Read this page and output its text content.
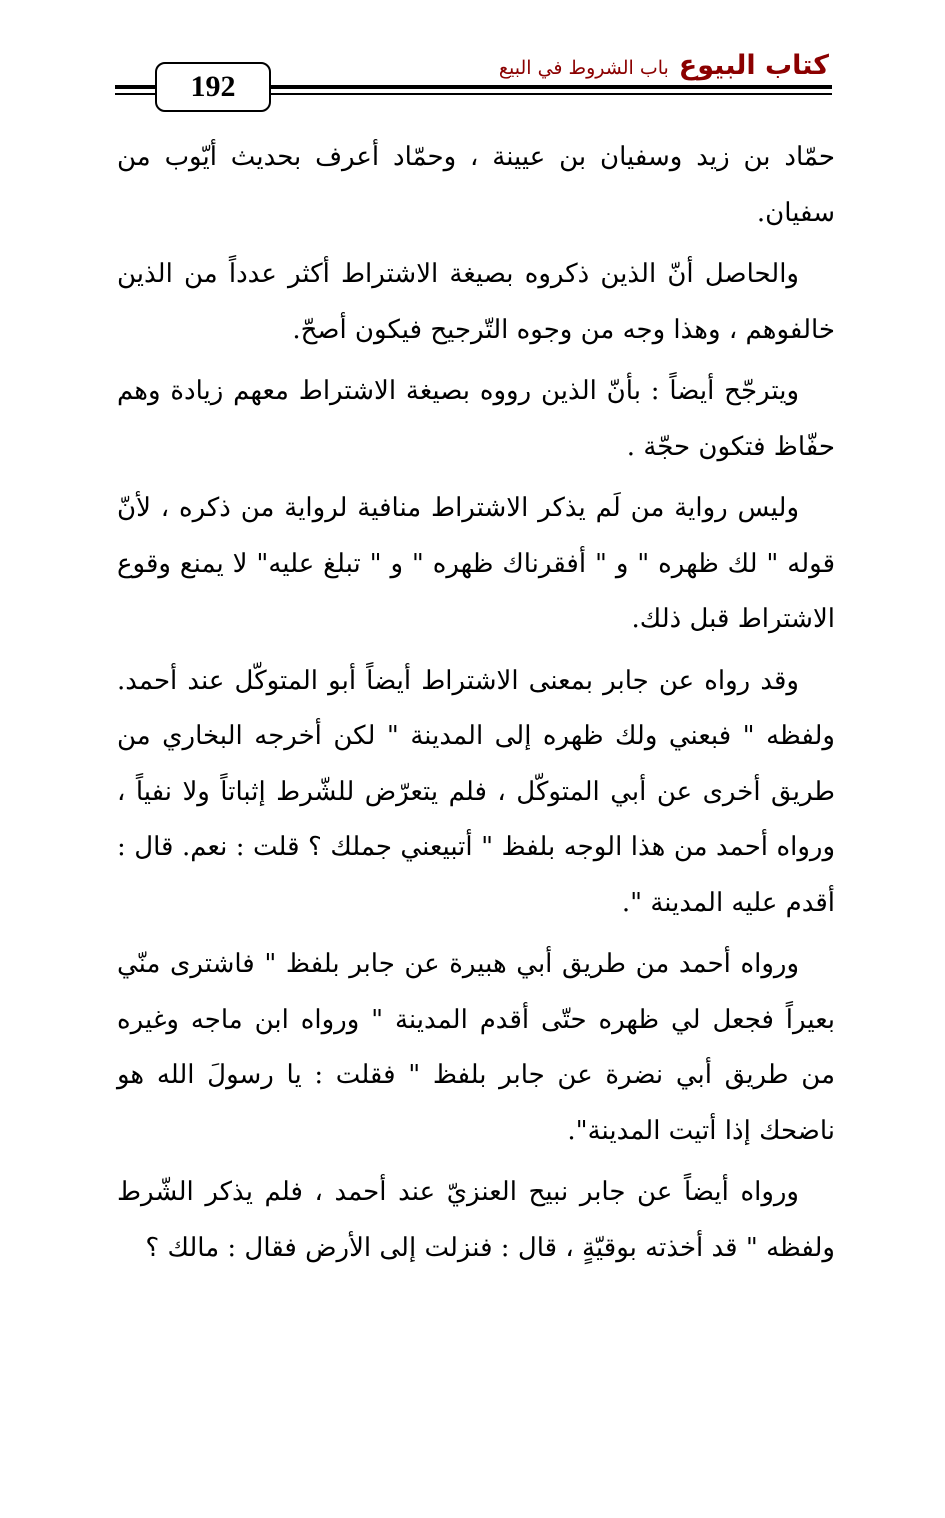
كتاب البيوع
باب الشروط في البيع
192

حمّاد بن زيد وسفيان بن عيينة ، وحمّاد أعرف بحديث أيّوب من سفيان.

والحاصل أنّ الذين ذكروه بصيغة الاشتراط أكثر عدداً من الذين خالفوهم ، وهذا وجه من وجوه التّرجيح فيكون أصحّ.

ويترجّح أيضاً : بأنّ الذين رووه بصيغة الاشتراط معهم زيادة وهم حفّاظ فتكون حجّة .

وليس رواية من لَم يذكر الاشتراط منافية لرواية من ذكره ، لأنّ قوله " لك ظهره " و " أفقرناك ظهره " و " تبلغ عليه" لا يمنع وقوع الاشتراط قبل ذلك.

وقد رواه عن جابر بمعنى الاشتراط أيضاً أبو المتوكّل عند أحمد. ولفظه " فبعني ولك ظهره إلى المدينة " لكن أخرجه البخاري من طريق أخرى عن أبي المتوكّل ، فلم يتعرّض للشّرط إثباتاً ولا نفياً ، ورواه أحمد من هذا الوجه بلفظ " أتبيعني جملك ؟ قلت : نعم. قال : أقدم عليه المدينة ".

ورواه أحمد من طريق أبي هبيرة عن جابر بلفظ " فاشترى منّي بعيراً فجعل لي ظهره حتّى أقدم المدينة " ورواه ابن ماجه وغيره من طريق أبي نضرة عن جابر بلفظ " فقلت : يا رسولَ الله هو ناضحك إذا أتيت المدينة".

ورواه أيضاً عن جابر نبيح العنزيّ عند أحمد ، فلم يذكر الشّرط ولفظه " قد أخذته بوقيّةٍ ، قال : فنزلت إلى الأرض فقال : مالك ؟
